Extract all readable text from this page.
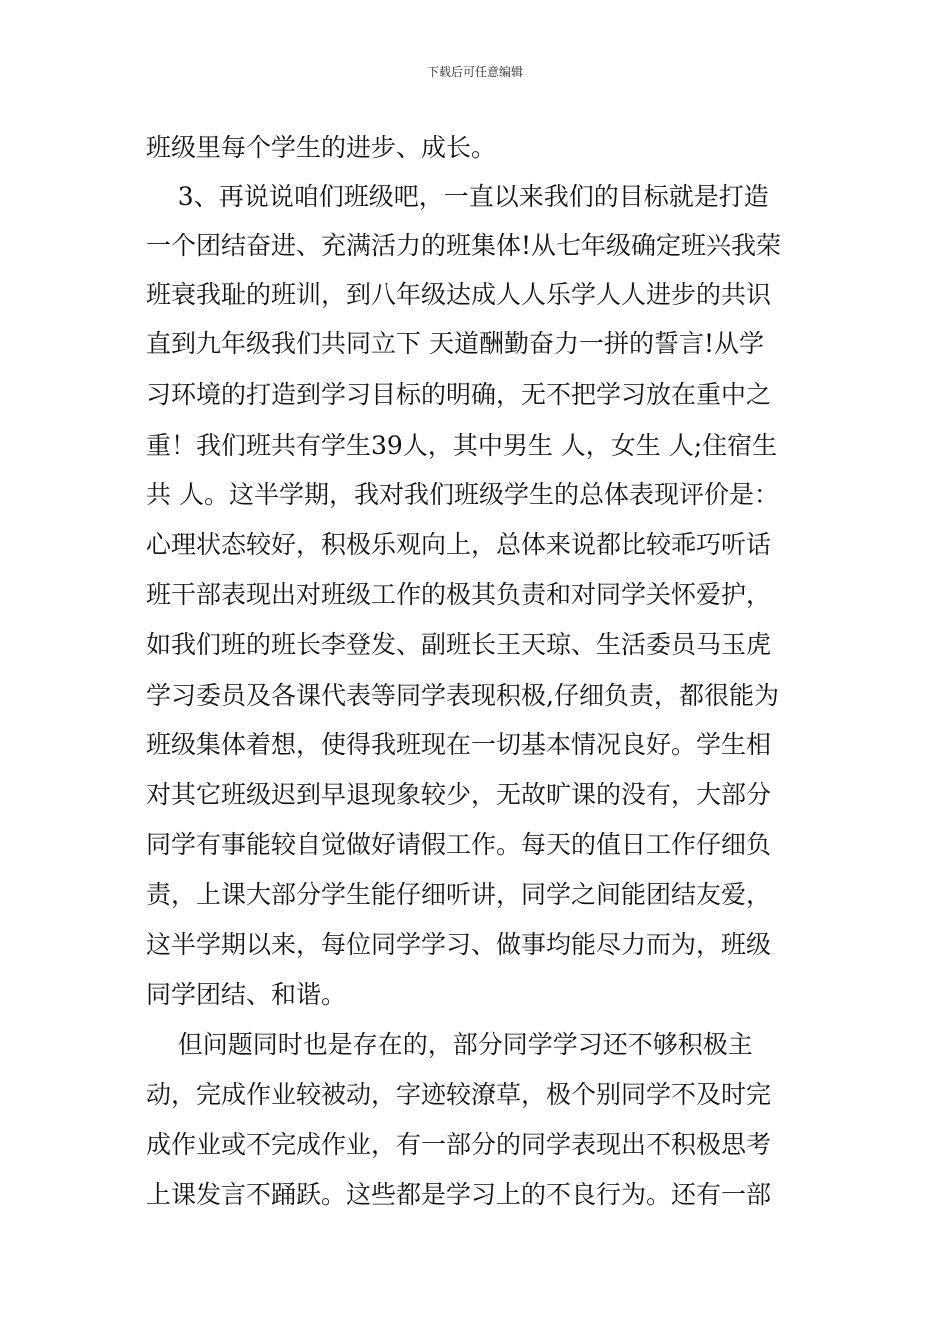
下载后可任意编辑
班级里每个学生的进步、成长。
3、再说说咱们班级吧，一直以来我们的目标就是打造
一个团结奋进、充满活力的班集体!从七年级确定班兴我荣
班衰我耻的班训，到八年级达成人人乐学人人进步的共识
直到九年级我们共同立下 天道酬勤奋力一拼的誓言!从学
习环境的打造到学习目标的明确，无不把学习放在重中之
重！我们班共有学生39人，其中男生 人，女生 人;住宿生
共 人。这半学期，我对我们班级学生的总体表现评价是：
心理状态较好，积极乐观向上，总体来说都比较乖巧听话
班干部表现出对班级工作的极其负责和对同学关怀爱护，
如我们班的班长李登发、副班长王天琼、生活委员马玉虎
学习委员及各课代表等同学表现积极,仔细负责，都很能为
班级集体着想，使得我班现在一切基本情况良好。学生相
对其它班级迟到早退现象较少，无故旷课的没有，大部分
同学有事能较自觉做好请假工作。每天的值日工作仔细负
责，上课大部分学生能仔细听讲，同学之间能团结友爱，
这半学期以来，每位同学学习、做事均能尽力而为，班级
同学团结、和谐。
但问题同时也是存在的，部分同学学习还不够积极主
动，完成作业较被动，字迹较潦草，极个别同学不及时完
成作业或不完成作业，有一部分的同学表现出不积极思考
上课发言不踊跃。这些都是学习上的不良行为。还有一部
